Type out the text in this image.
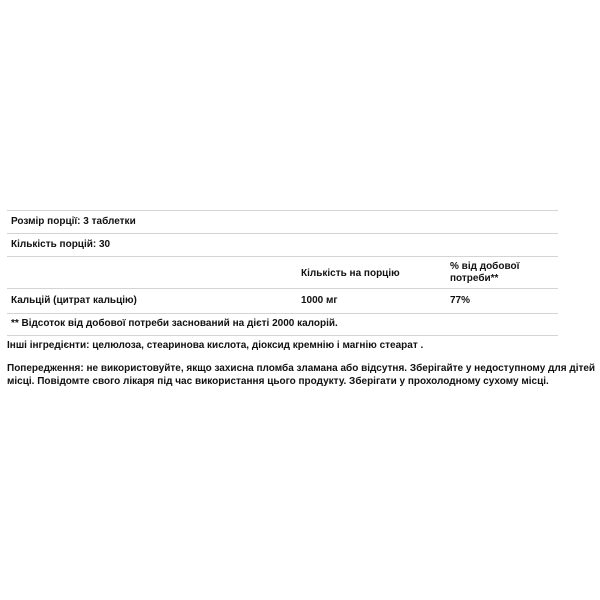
Розмір порції: 3 таблетки
Кількість порцій: 30
Кількість на порцію
% від добової потреби**
Кальцій (цитрат кальцію)	1000 мг	77%
** Відсоток від добової потреби заснований на дієті 2000 калорій.
Інші інгредієнти: целюлоза, стеаринова кислота, діоксид кремнію і магнію стеарат .
Попередження: не використовуйте, якщо захисна пломба зламана або відсутня. Зберігайте у недоступному для дітей місці. Повідомте свого лікаря під час використання цього продукту. Зберігати у прохолодному сухому місці.
